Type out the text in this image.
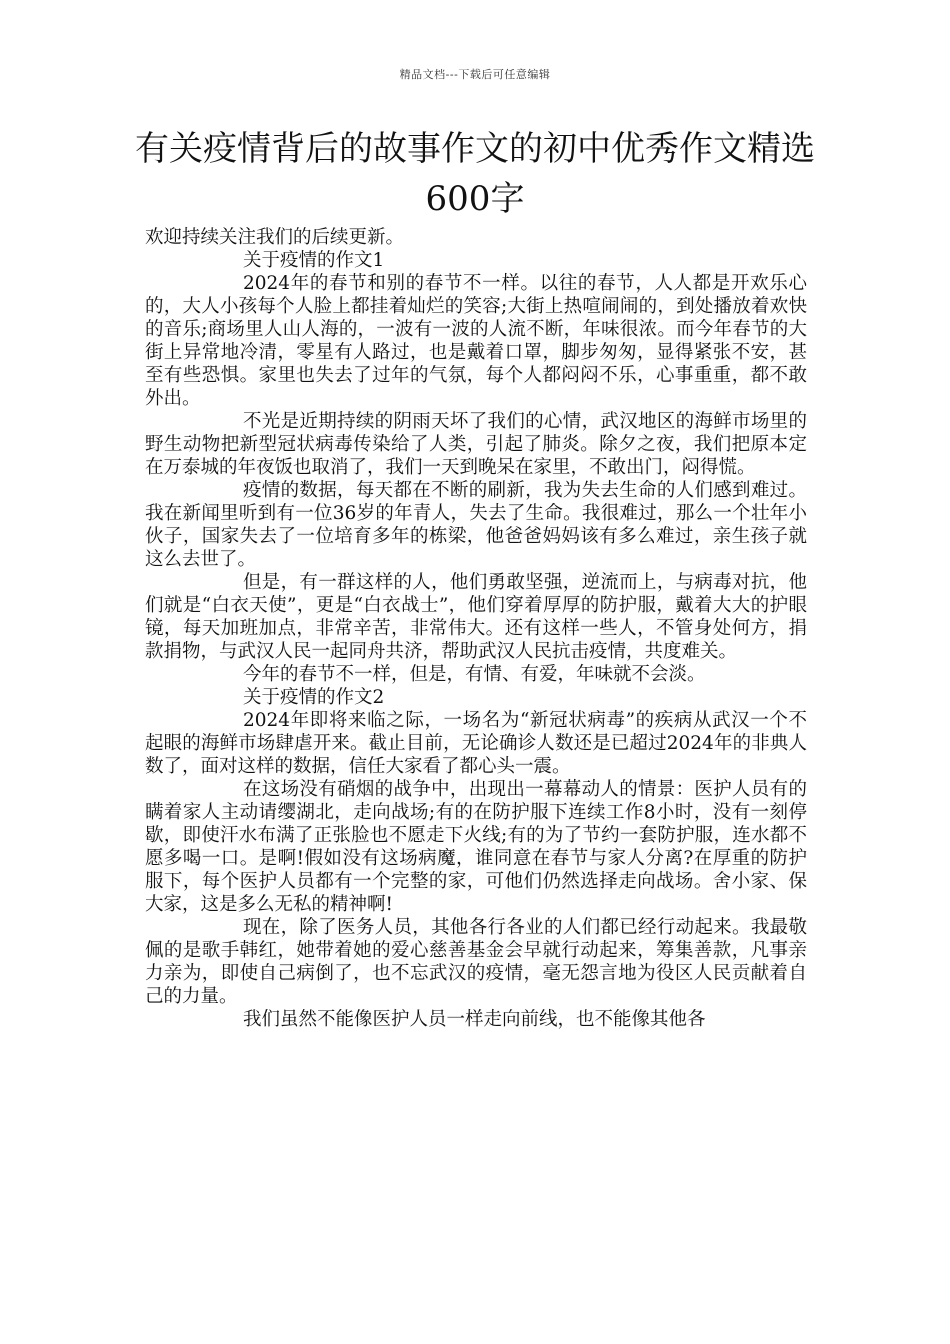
精品文档---下载后可任意编辑
有关疫情背后的故事作文的初中优秀作文精选600字

欢迎持续关注我们的后续更新。

关于疫情的作文1

2024年的春节和别的春节不一样。以往的春节，人人都是开欢乐心的，大人小孩每个人脸上都挂着灿烂的笑容;大街上热喧闹闹的，到处播放着欢快的音乐;商场里人山人海的，一波有一波的人流不断，年味很浓。而今年春节的大街上异常地冷清，零星有人路过，也是戴着口罩，脚步匆匆，显得紧张不安，甚至有些恐惧。家里也失去了过年的气氛，每个人都闷闷不乐，心事重重，都不敢外出。

不光是近期持续的阴雨天坏了我们的心情，武汉地区的海鲜市场里的野生动物把新型冠状病毒传染给了人类，引起了肺炎。除夕之夜，我们把原本定在万泰城的年夜饭也取消了，我们一天到晚呆在家里，不敢出门，闷得慌。

疫情的数据，每天都在不断的刷新，我为失去生命的人们感到难过。我在新闻里听到有一位36岁的年青人，失去了生命。我很难过，那么一个壮年小伙子，国家失去了一位培育多年的栋梁，他爸爸妈妈该有多么难过，亲生孩子就这么去世了。

但是，有一群这样的人，他们勇敢坚强，逆流而上，与病毒对抗，他们就是“白衣天使”，更是“白衣战士”，他们穿着厚厚的防护服，戴着大大的护眼镜，每天加班加点，非常辛苦，非常伟大。还有这样一些人，不管身处何方，捐款捐物，与武汉人民一起同舟共济，帮助武汉人民抗击疫情，共度难关。

今年的春节不一样，但是，有情、有爱，年味就不会淡。

关于疫情的作文2

2024年即将来临之际，一场名为“新冠状病毒”的疾病从武汉一个不起眼的海鲜市场肆虐开来。截止目前，无论确诊人数还是已超过2024年的非典人数了，面对这样的数据，信任大家看了都心头一震。

在这场没有硝烟的战争中，出现出一幕幕动人的情景：医护人员有的瞒着家人主动请缨湖北，走向战场;有的在防护服下连续工作8小时，没有一刻停歇，即使汗水布满了正张脸也不愿走下火线;有的为了节约一套防护服，连水都不愿多喝一口。是啊!假如没有这场病魔，谁同意在春节与家人分离?在厚重的防护服下，每个医护人员都有一个完整的家，可他们仍然选择走向战场。舍小家、保大家，这是多么无私的精神啊!

现在，除了医务人员，其他各行各业的人们都已经行动起来。我最敬佩的是歌手韩红，她带着她的爱心慈善基金会早就行动起来，筹集善款，凡事亲力亲为，即使自己病倒了，也不忘武汉的疫情，毫无怨言地为役区人民贡献着自己的力量。

我们虽然不能像医护人员一样走向前线，也不能像其他各
